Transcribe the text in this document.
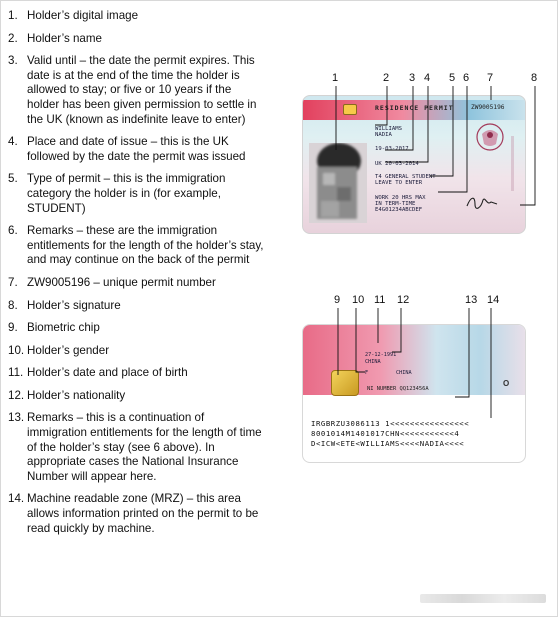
1. Holder’s digital image
2. Holder’s name
3. Valid until – the date the permit expires. This date is at the end of the time the holder is allowed to stay; or five or 10 years if the holder has been given permission to settle in the UK (known as indefinite leave to enter)
4. Place and date of issue – this is the UK followed by the date the permit was issued
5. Type of permit – this is the immigration category the holder is in (for example, STUDENT)
6. Remarks – these are the immigration entitlements for the length of the holder’s stay, and may continue on the back of the permit
7. ZW9005196 – unique permit number
8. Holder’s signature
9. Biometric chip
10. Holder’s gender
11. Holder’s date and place of birth
12. Holder’s nationality
13. Remarks – this is a continuation of immigration entitlements for the length of time of the holder’s stay (see 6 above). In appropriate cases the National Insurance Number will appear here.
14. Machine readable zone (MRZ) – this area allows information printed on the permit to be read quickly by machine.
RESIDENCE PERMIT	ZW9005196
WILLIAMS
NADIA
19-03-2017
UK 20-03-2014
T4 GENERAL STUDENT
LEAVE TO ENTER
WORK 20 HRS MAX
IN TERM-TIME
E4G01234ABCDEF
27-12-1991
CHINA
CHINA
F
NI NUMBER QQ123456A
O
IRGBRZU3086113 1<<<<<<<<<<<<<<<<
8001014M1401017CHN<<<<<<<<<<<4
D<ICW<ETE<WILLIAMS<<<<NADIA<<<<
1	2 3 4 5 6 7	8
9 10 11 12	13 14
